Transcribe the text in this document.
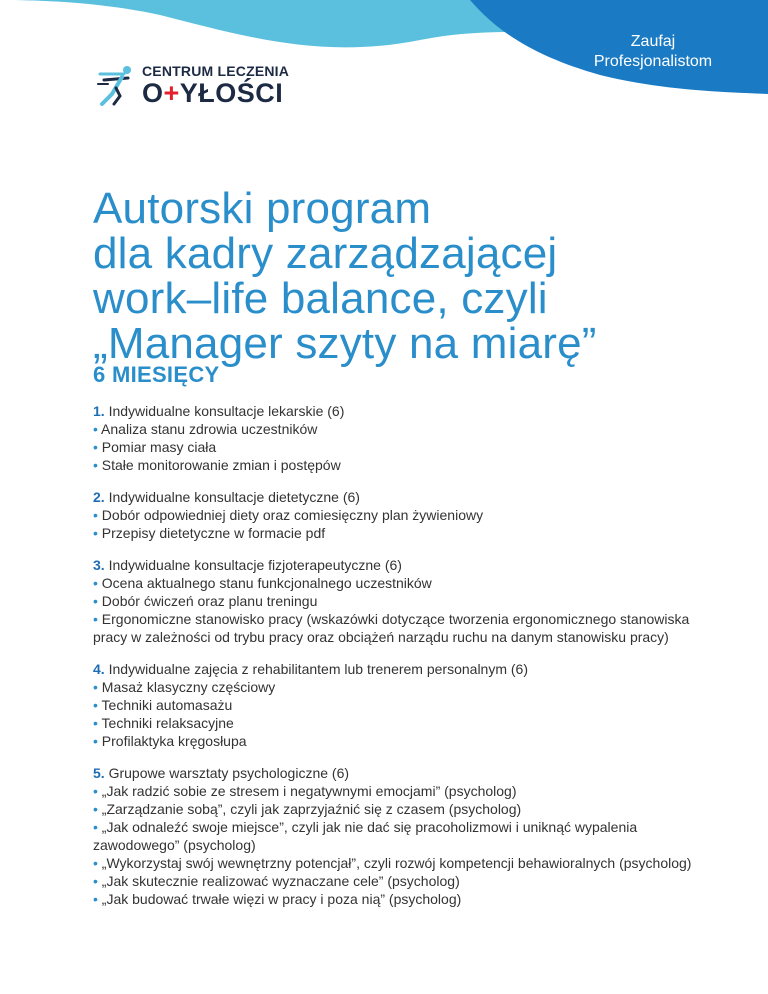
Zaufaj
Profesjonalistom
CENTRUM LECZENIA
O+YŁOŚCI
Autorski program
dla kadry zarządzającej
work–life balance, czyli
„Manager szyty na miarę”
6 MIESIĘCY

1. Indywidualne konsultacje lekarskie (6)

• Analiza stanu zdrowia uczestników

• Pomiar masy ciała

• Stałe monitorowanie zmian i postępów

2. Indywidualne konsultacje dietetyczne (6)

• Dobór odpowiedniej diety oraz comiesięczny plan żywieniowy

• Przepisy dietetyczne w formacie pdf

3. Indywidualne konsultacje fizjoterapeutyczne (6)

• Ocena aktualnego stanu funkcjonalnego uczestników

• Dobór ćwiczeń oraz planu treningu

• Ergonomiczne stanowisko pracy (wskazówki dotyczące tworzenia ergonomicznego stanowiska pracy w zależności od trybu pracy oraz obciążeń narządu ruchu na danym stanowisku pracy)

4. Indywidualne zajęcia z rehabilitantem lub trenerem personalnym (6)

• Masaż klasyczny częściowy

• Techniki automasażu

• Techniki relaksacyjne

• Profilaktyka kręgosłupa

5. Grupowe warsztaty psychologiczne (6)

• „Jak radzić sobie ze stresem i negatywnymi emocjami” (psycholog)

• „Zarządzanie sobą”, czyli jak zaprzyjaźnić się z czasem (psycholog)

• „Jak odnaleźć swoje miejsce”, czyli jak nie dać się pracoholizmowi i uniknąć wypalenia zawodowego” (psycholog)

• „Wykorzystaj swój wewnętrzny potencjał”, czyli rozwój kompetencji behawioralnych (psycholog)

• „Jak skutecznie realizować wyznaczane cele” (psycholog)

• „Jak budować trwałe więzi w pracy i poza nią” (psycholog)
